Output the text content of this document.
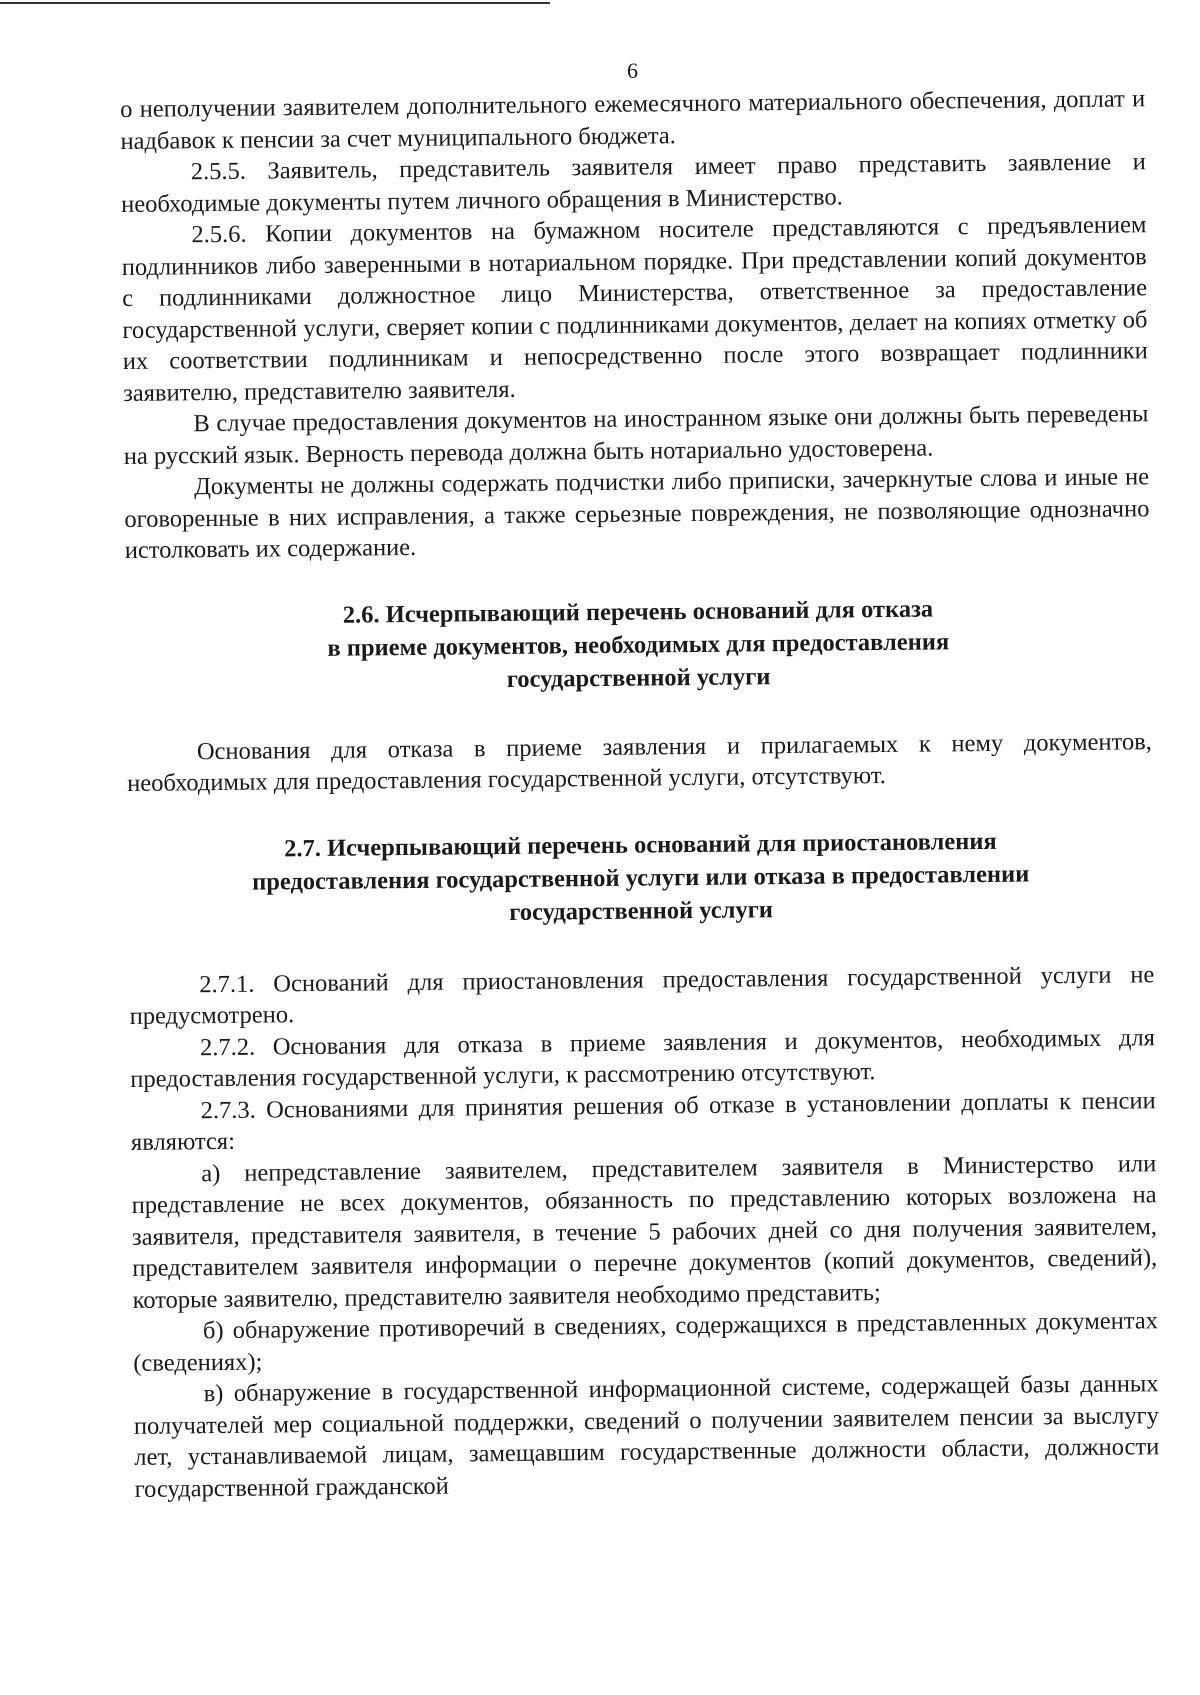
6

о неполучении заявителем дополнительного ежемесячного материального обеспечения, доплат и надбавок к пенсии за счет муниципального бюджета.

2.5.5. Заявитель, представитель заявителя имеет право представить заявление и необходимые документы путем личного обращения в Министерство.

2.5.6. Копии документов на бумажном носителе представляются с предъявлением подлинников либо заверенными в нотариальном порядке. При представлении копий документов с подлинниками должностное лицо Министерства, ответственное за предоставление государственной услуги, сверяет копии с подлинниками документов, делает на копиях отметку об их соответствии подлинникам и непосредственно после этого возвращает подлинники заявителю, представителю заявителя.

В случае предоставления документов на иностранном языке они должны быть переведены на русский язык. Верность перевода должна быть нотариально удостоверена.

Документы не должны содержать подчистки либо приписки, зачеркнутые слова и иные не оговоренные в них исправления, а также серьезные повреждения, не позволяющие однозначно истолковать их содержание.

2.6. Исчерпывающий перечень оснований для отказа
в приеме документов, необходимых для предоставления
государственной услуги

Основания для отказа в приеме заявления и прилагаемых к нему документов, необходимых для предоставления государственной услуги, отсутствуют.

2.7. Исчерпывающий перечень оснований для приостановления
предоставления государственной услуги или отказа в предоставлении
государственной услуги

2.7.1. Оснований для приостановления предоставления государственной услуги не предусмотрено.

2.7.2. Основания для отказа в приеме заявления и документов, необходимых для предоставления государственной услуги, к рассмотрению отсутствуют.

2.7.3. Основаниями для принятия решения об отказе в установлении доплаты к пенсии являются:

а) непредставление заявителем, представителем заявителя в Министерство или представление не всех документов, обязанность по представлению которых возложена на заявителя, представителя заявителя, в течение 5 рабочих дней со дня получения заявителем, представителем заявителя информации о перечне документов (копий документов, сведений), которые заявителю, представителю заявителя необходимо представить;

б) обнаружение противоречий в сведениях, содержащихся в представленных документах (сведениях);

в) обнаружение в государственной информационной системе, содержащей базы данных получателей мер социальной поддержки, сведений о получении заявителем пенсии за выслугу лет, устанавливаемой лицам, замещавшим государственные должности области, должности государственной гражданской
